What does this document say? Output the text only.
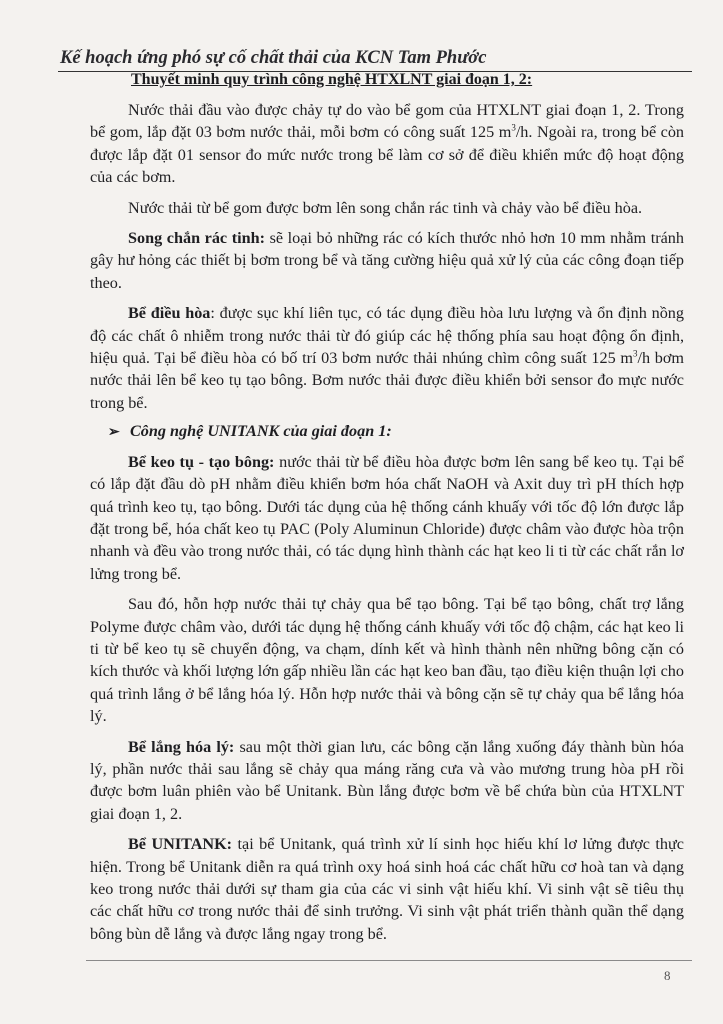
Kế hoạch ứng phó sự cố chất thải của KCN Tam Phước
Thuyết minh quy trình công nghệ HTXLNT giai đoạn 1, 2:

Nước thải đầu vào được chảy tự do vào bể gom của HTXLNT giai đoạn 1, 2. Trong bể gom, lắp đặt 03 bơm nước thải, mỗi bơm có công suất 125 $m^3/h$. Ngoài ra, trong bể còn được lắp đặt 01 sensor đo mức nước trong bể làm cơ sở để điều khiển mức độ hoạt động của các bơm.

Nước thải từ bể gom được bơm lên song chắn rác tinh và chảy vào bể điều hòa.

Song chắn rác tinh: sẽ loại bỏ những rác có kích thước nhỏ hơn 10 mm nhằm tránh gây hư hỏng các thiết bị bơm trong bể và tăng cường hiệu quả xử lý của các công đoạn tiếp theo.

Bể điều hòa: được sục khí liên tục, có tác dụng điều hòa lưu lượng và ổn định nồng độ các chất ô nhiễm trong nước thải từ đó giúp các hệ thống phía sau hoạt động ổn định, hiệu quả. Tại bể điều hòa có bố trí 03 bơm nước thải nhúng chìm công suất 125 $m^3/h$ bơm nước thải lên bể keo tụ tạo bông. Bơm nước thải được điều khiển bởi sensor đo mực nước trong bể.

➢ Công nghệ UNITANK của giai đoạn 1:

Bể keo tụ - tạo bông: nước thải từ bể điều hòa được bơm lên sang bể keo tụ. Tại bể có lắp đặt đầu dò pH nhằm điều khiển bơm hóa chất NaOH và Axit duy trì pH thích hợp quá trình keo tụ, tạo bông. Dưới tác dụng của hệ thống cánh khuấy với tốc độ lớn được lắp đặt trong bể, hóa chất keo tụ PAC (Poly Aluminun Chloride) được châm vào được hòa trộn nhanh và đều vào trong nước thải, có tác dụng hình thành các hạt keo li ti từ các chất rắn lơ lửng trong bể.

Sau đó, hỗn hợp nước thải tự chảy qua bể tạo bông. Tại bể tạo bông, chất trợ lắng Polyme được châm vào, dưới tác dụng hệ thống cánh khuấy với tốc độ chậm, các hạt keo li ti từ bể keo tụ sẽ chuyển động, va chạm, dính kết và hình thành nên những bông cặn có kích thước và khối lượng lớn gấp nhiều lần các hạt keo ban đầu, tạo điều kiện thuận lợi cho quá trình lắng ở bể lắng hóa lý. Hỗn hợp nước thải và bông cặn sẽ tự chảy qua bể lắng hóa lý.

Bể lắng hóa lý: sau một thời gian lưu, các bông cặn lắng xuống đáy thành bùn hóa lý, phần nước thải sau lắng sẽ chảy qua máng răng cưa và vào mương trung hòa pH rồi được bơm luân phiên vào bể Unitank. Bùn lắng được bơm về bể chứa bùn của HTXLNT giai đoạn 1, 2.

Bể UNITANK: tại bể Unitank, quá trình xử lí sinh học hiếu khí lơ lửng được thực hiện. Trong bể Unitank diễn ra quá trình oxy hoá sinh hoá các chất hữu cơ hoà tan và dạng keo trong nước thải dưới sự tham gia của các vi sinh vật hiếu khí. Vi sinh vật sẽ tiêu thụ các chất hữu cơ trong nước thải để sinh trưởng. Vi sinh vật phát triển thành quần thể dạng bông bùn dễ lắng và được lắng ngay trong bể.

8
